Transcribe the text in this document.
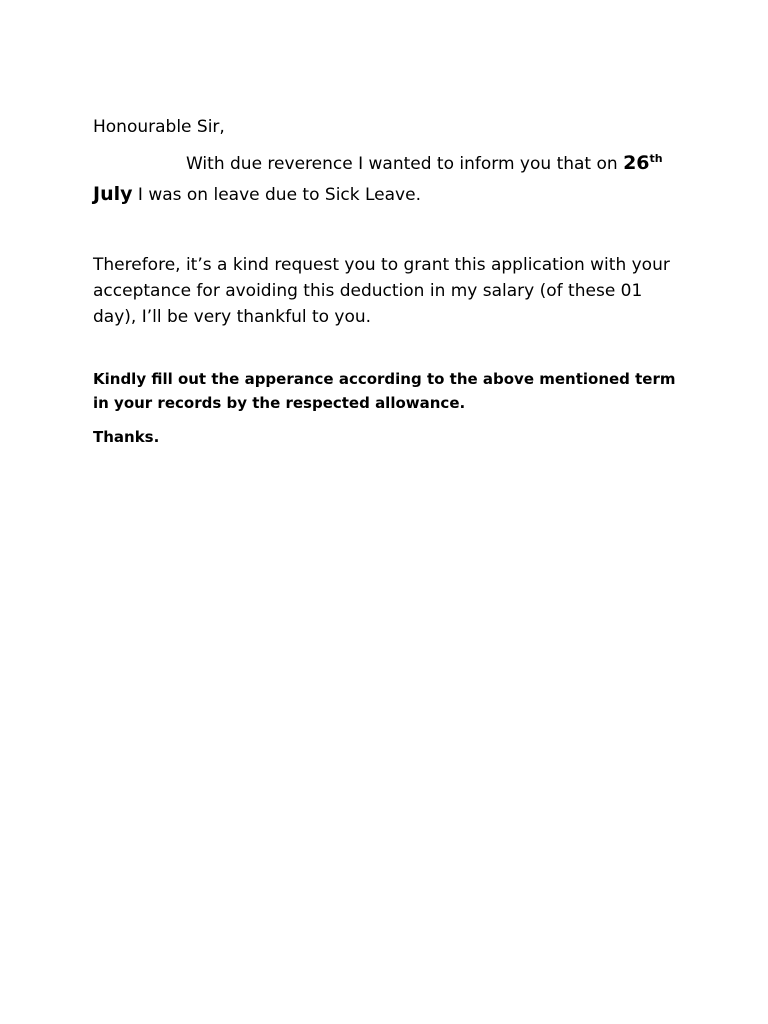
Honourable Sir,

With due reverence I wanted to inform you that on 26th
July I was on leave due to Sick Leave.

Therefore, it’s a kind request you to grant this application with your acceptance for avoiding this deduction in my salary (of these 01 day), I’ll be very thankful to you.

Kindly fill out the apperance according to the above mentioned term in your records by the respected allowance.

Thanks.
